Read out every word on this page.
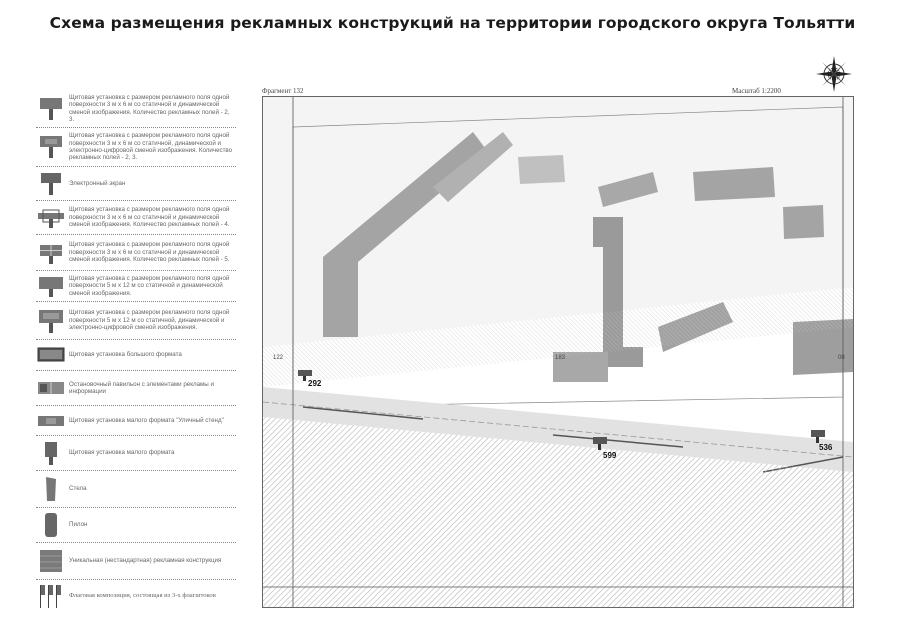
Схема размещения рекламных конструкций на территории городского округа Тольятти
Щитовая установка с размером рекламного поля одной поверхности 3 м х 6 м со статичной и динамической сменой изображения. Количество рекламных полей - 2, 3.
Щитовая установка с размером рекламного поля одной поверхности 3 м х 6 м со статичной, динамической и электронно-цифровой сменой изображения. Количество рекламных полей - 2, 3.
Электронный экран
Щитовая установка с размером рекламного поля одной поверхности 3 м х 6 м со статичной и динамической сменой изображения. Количество рекламных полей - 4.
Щитовая установка с размером рекламного поля одной поверхности 3 м х 6 м со статичной и динамической сменой изображения. Количество рекламных полей - 5.
Щитовая установка с размером рекламного поля одной поверхности 5 м х 12 м со статичной и динамической сменой изображения.
Щитовая установка с размером рекламного поля одной поверхности 5 м х 12 м со статичной, динамической и электронно-цифровой сменой изображения.
Щитовая установка большого формата
Остановочный павильон с элементами рекламы и информации
Щитовая установка малого формата "Уличный стенд"
Щитовая установка малого формата
Стела
Пилон
Уникальная (нестандартная) рекламная конструкция
Флаговая композиция, состоящая из 3-х флагштоков
Фрагмент 132	Масштаб 1:2200
292
599
536
122	183	08
